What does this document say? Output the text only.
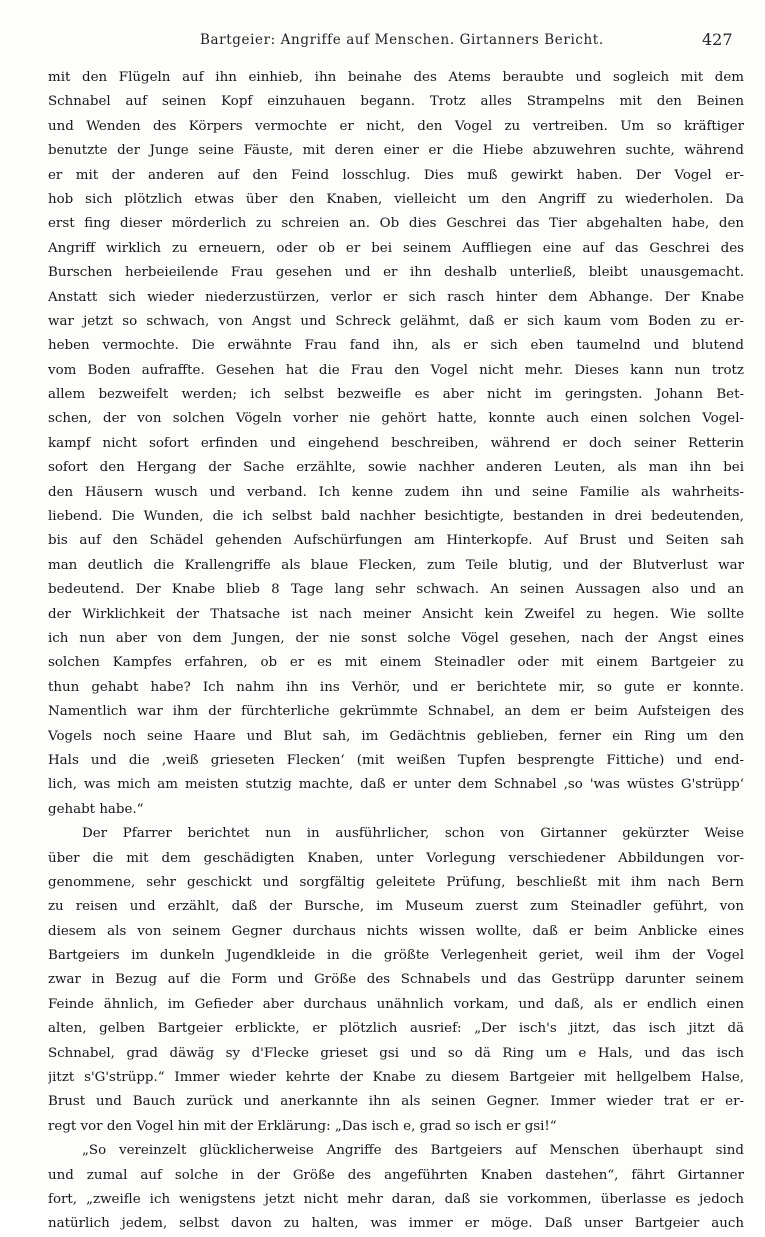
Bartgeier: Angriffe auf Menschen. Girtanners Bericht.	427
mit den Flügeln auf ihn einhieb, ihn beinahe des Atems beraubte und sogleich mit dem
Schnabel auf seinen Kopf einzuhauen begann. Trotz alles Strampelns mit den Beinen
und Wenden des Körpers vermochte er nicht, den Vogel zu vertreiben. Um so kräftiger
benutzte der Junge seine Fäuste, mit deren einer er die Hiebe abzuwehren suchte, während
er mit der anderen auf den Feind losschlug. Dies muß gewirkt haben. Der Vogel er-
hob sich plötzlich etwas über den Knaben, vielleicht um den Angriff zu wiederholen. Da
erst fing dieser mörderlich zu schreien an. Ob dies Geschrei das Tier abgehalten habe, den
Angriff wirklich zu erneuern, oder ob er bei seinem Auffliegen eine auf das Geschrei des
Burschen herbeieilende Frau gesehen und er ihn deshalb unterließ, bleibt unausgemacht.
Anstatt sich wieder niederzustürzen, verlor er sich rasch hinter dem Abhange. Der Knabe
war jetzt so schwach, von Angst und Schreck gelähmt, daß er sich kaum vom Boden zu er-
heben vermochte. Die erwähnte Frau fand ihn, als er sich eben taumelnd und blutend
vom Boden aufraffte. Gesehen hat die Frau den Vogel nicht mehr. Dieses kann nun trotz
allem bezweifelt werden; ich selbst bezweifle es aber nicht im geringsten. Johann Bet-
schen, der von solchen Vögeln vorher nie gehört hatte, konnte auch einen solchen Vogel-
kampf nicht sofort erfinden und eingehend beschreiben, während er doch seiner Retterin
sofort den Hergang der Sache erzählte, sowie nachher anderen Leuten, als man ihn bei
den Häusern wusch und verband. Ich kenne zudem ihn und seine Familie als wahrheits-
liebend. Die Wunden, die ich selbst bald nachher besichtigte, bestanden in drei bedeutenden,
bis auf den Schädel gehenden Aufschürfungen am Hinterkopfe. Auf Brust und Seiten sah
man deutlich die Krallengriffe als blaue Flecken, zum Teile blutig, und der Blutverlust war
bedeutend. Der Knabe blieb 8 Tage lang sehr schwach. An seinen Aussagen also und an
der Wirklichkeit der Thatsache ist nach meiner Ansicht kein Zweifel zu hegen. Wie sollte
ich nun aber von dem Jungen, der nie sonst solche Vögel gesehen, nach der Angst eines
solchen Kampfes erfahren, ob er es mit einem Steinadler oder mit einem Bartgeier zu
thun gehabt habe? Ich nahm ihn ins Verhör, und er berichtete mir, so gute er konnte.
Namentlich war ihm der fürchterliche gekrümmte Schnabel, an dem er beim Aufsteigen des
Vogels noch seine Haare und Blut sah, im Gedächtnis geblieben, ferner ein Ring um den
Hals und die ‚weiß grieseten Flecken‘ (mit weißen Tupfen besprengte Fittiche) und end-
lich, was mich am meisten stutzig machte, daß er unter dem Schnabel ‚so 'was wüstes G'strüpp‘
gehabt habe.“
Der Pfarrer berichtet nun in ausführlicher, schon von Girtanner gekürzter Weise
über die mit dem geschädigten Knaben, unter Vorlegung verschiedener Abbildungen vor-
genommene, sehr geschickt und sorgfältig geleitete Prüfung, beschließt mit ihm nach Bern
zu reisen und erzählt, daß der Bursche, im Museum zuerst zum Steinadler geführt, von
diesem als von seinem Gegner durchaus nichts wissen wollte, daß er beim Anblicke eines
Bartgeiers im dunkeln Jugendkleide in die größte Verlegenheit geriet, weil ihm der Vogel
zwar in Bezug auf die Form und Größe des Schnabels und das Gestrüpp darunter seinem
Feinde ähnlich, im Gefieder aber durchaus unähnlich vorkam, und daß, als er endlich einen
alten, gelben Bartgeier erblickte, er plötzlich ausrief: „Der isch's jitzt, das isch jitzt dä
Schnabel, grad däwäg sy d'Flecke grieset gsi und so dä Ring um e Hals, und das isch
jitzt s'G'strüpp.“ Immer wieder kehrte der Knabe zu diesem Bartgeier mit hellgelbem Halse,
Brust und Bauch zurück und anerkannte ihn als seinen Gegner. Immer wieder trat er er-
regt vor den Vogel hin mit der Erklärung: „Das isch e, grad so isch er gsi!“
„So vereinzelt glücklicherweise Angriffe des Bartgeiers auf Menschen überhaupt sind
und zumal auf solche in der Größe des angeführten Knaben dastehen“, fährt Girtanner
fort, „zweifle ich wenigstens jetzt nicht mehr daran, daß sie vorkommen, überlasse es jedoch
natürlich jedem, selbst davon zu halten, was immer er möge. Daß unser Bartgeier auch
